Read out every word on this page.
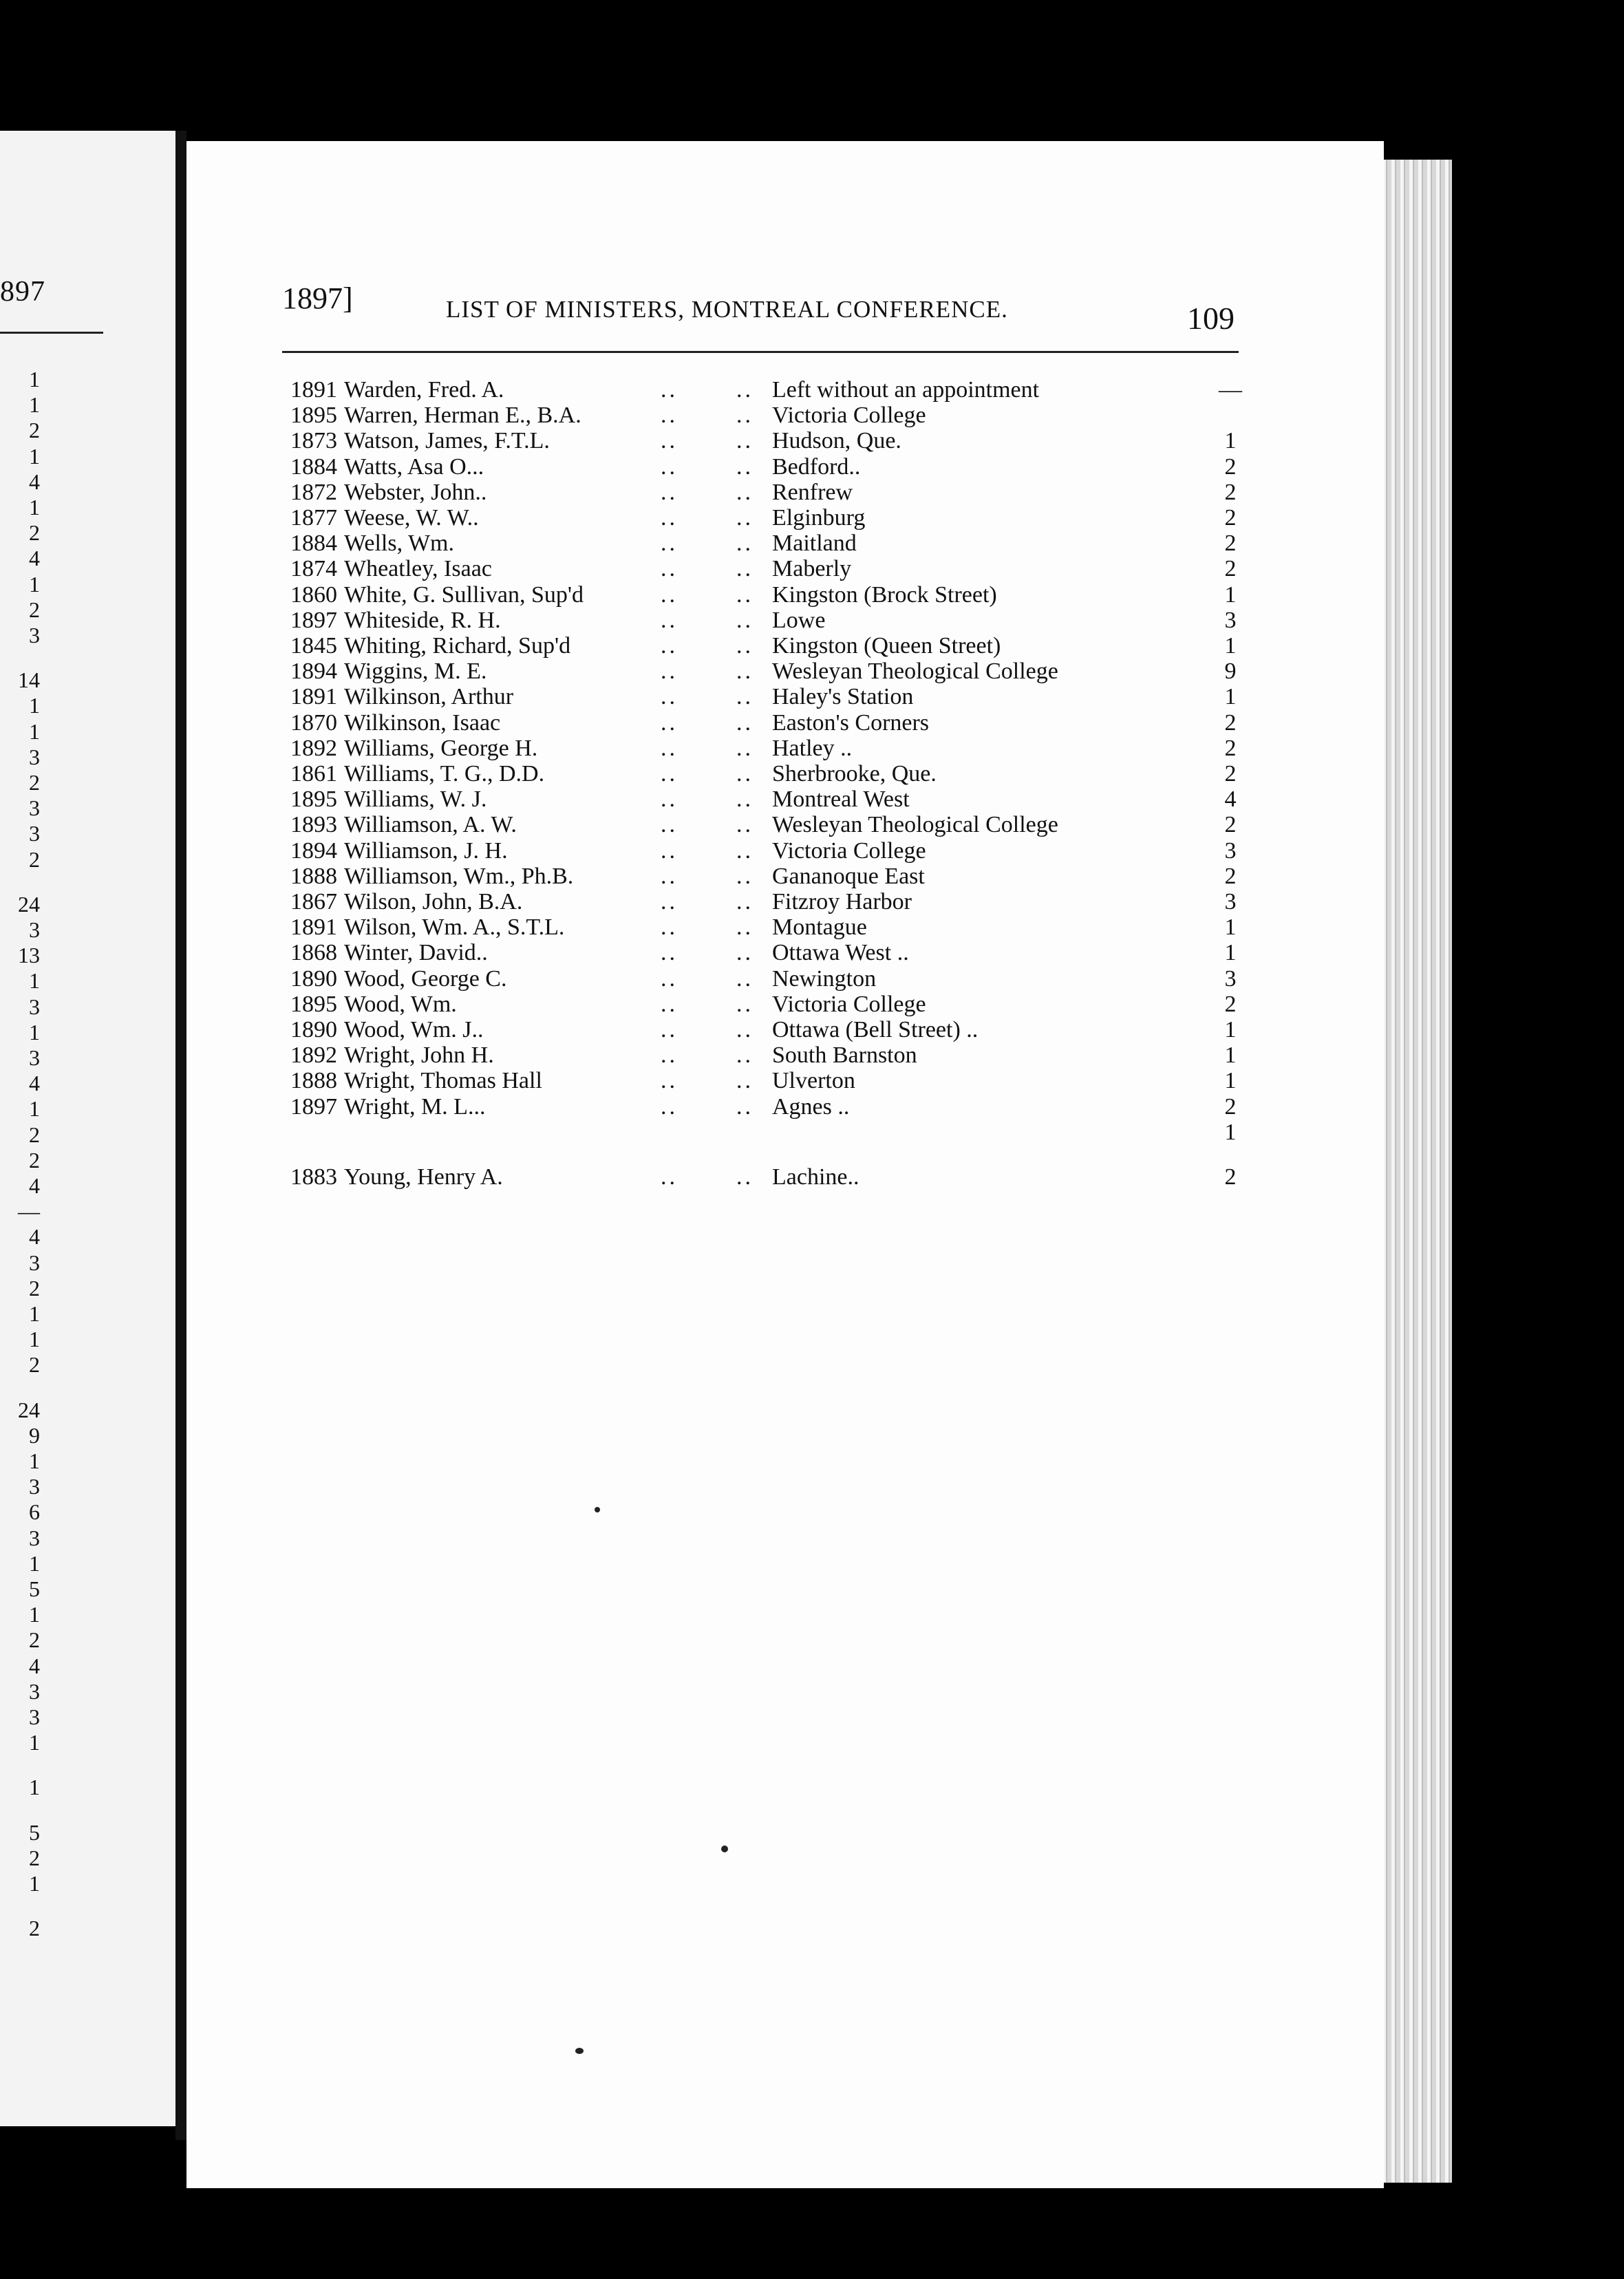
897
1
1
2
1
4
1
2
4
1
2
3
14
1
1
3
2
3
3
2
24
3
13
1
3
1
3
4
1
2
2
4
—
4
3
2
1
1
2
24
9
1
3
6
3
1
5
1
2
4
3
3
1
1
5
2
1
2
1897]	LIST OF MINISTERS, MONTREAL CONFERENCE.	109
1891 Warden, Fred. A.	..	.. Left without an appointment	—
1895 Warren, Herman E., B.A.	..	.. Victoria College
1873 Watson, James, F.T.L.	..	.. Hudson, Que.	1
1884 Watts, Asa O...	..	.. Bedford..	2
1872 Webster, John..	..	.. Renfrew	2
1877 Weese, W. W..	..	.. Elginburg	2
1884 Wells, Wm.	..	.. Maitland	2
1874 Wheatley, Isaac	..	.. Maberly	2
1860 White, G. Sullivan, Sup'd	..	.. Kingston (Brock Street)	1
1897 Whiteside, R. H.	..	.. Lowe	3
1845 Whiting, Richard, Sup'd	..	.. Kingston (Queen Street)	1
1894 Wiggins, M. E.	..	.. Wesleyan Theological College	9
1891 Wilkinson, Arthur	..	.. Haley's Station	1
1870 Wilkinson, Isaac	..	.. Easton's Corners	2
1892 Williams, George H.	..	.. Hatley ..	2
1861 Williams, T. G., D.D.	..	.. Sherbrooke, Que.	2
1895 Williams, W. J.	..	.. Montreal West	4
1893 Williamson, A. W.	..	.. Wesleyan Theological College	2
1894 Williamson, J. H.	..	.. Victoria College	3
1888 Williamson, Wm., Ph.B.	..	.. Gananoque East	2
1867 Wilson, John, B.A.	..	.. Fitzroy Harbor	3
1891 Wilson, Wm. A., S.T.L.	..	.. Montague	1
1868 Winter, David..	..	.. Ottawa West ..	1
1890 Wood, George C.	..	.. Newington	3
1895 Wood, Wm.	..	.. Victoria College	2
1890 Wood, Wm. J..	..	.. Ottawa (Bell Street) ..	1
1892 Wright, John H.	..	.. South Barnston	1
1888 Wright, Thomas Hall	..	.. Ulverton	1
1897 Wright, M. L...	..	.. Agnes ..	2
1
1883 Young, Henry A.	..	.. Lachine..	2
